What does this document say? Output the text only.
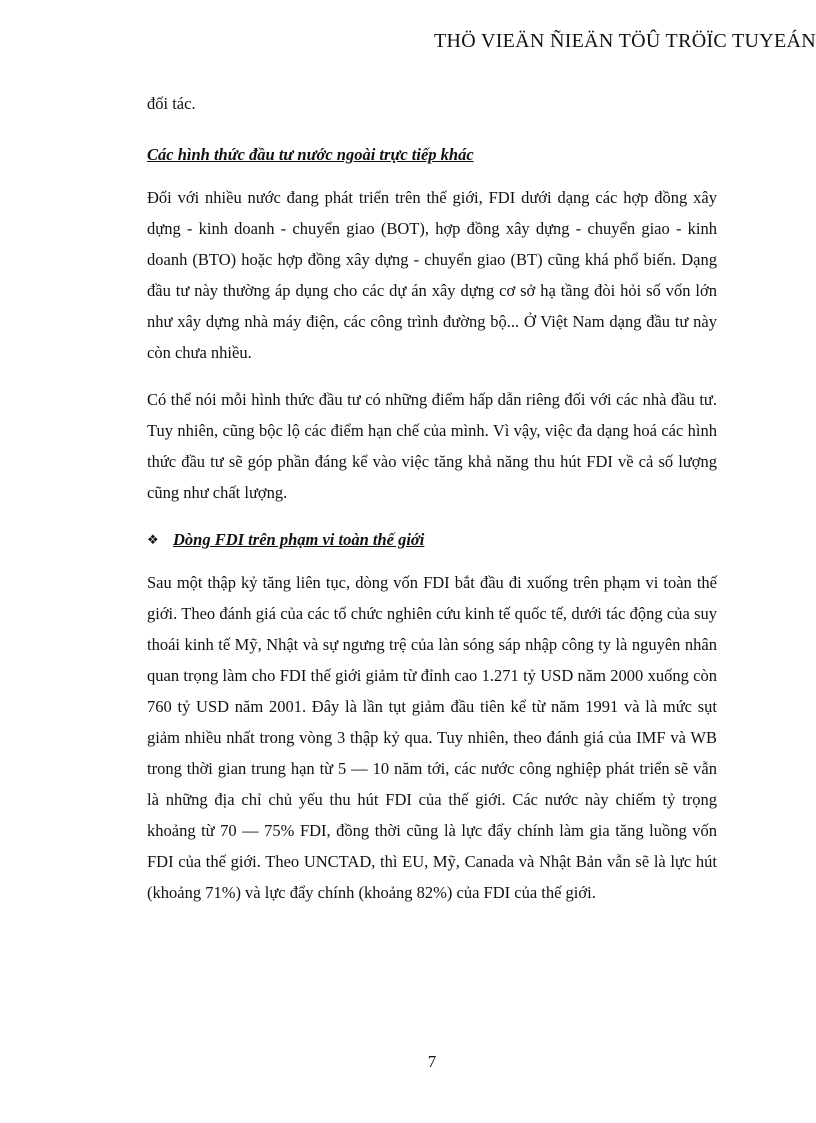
THÖ VIEÄN ÑIEÄN TÖÛ TRÖÏC TUYEÁN

đối tác.

Các hình thức đầu tư nước ngoài trực tiếp khác

Đối với nhiều nước đang phát triển trên thế giới, FDI dưới dạng các hợp đồng xây dựng - kinh doanh - chuyển giao (BOT), hợp đồng xây dựng - chuyển giao - kinh doanh (BTO) hoặc hợp đồng xây dựng - chuyển giao (BT) cũng khá phổ biến. Dạng đầu tư này thường áp dụng cho các dự án xây dựng cơ sở hạ tầng đòi hỏi số vốn lớn như xây dựng nhà máy điện, các công trình đường bộ... Ở Việt Nam dạng đầu tư này còn chưa nhiều.

Có thể nói mỗi hình thức đầu tư có những điểm hấp dẫn riêng đối với các nhà đầu tư. Tuy nhiên, cũng bộc lộ các điểm hạn chế của mình. Vì vậy, việc đa dạng hoá các hình thức đầu tư sẽ góp phần đáng kể vào việc tăng khả năng thu hút FDI về cả số lượng cũng như chất lượng.

❖ Dòng FDI trên phạm vi toàn thế giới

Sau một thập kỷ tăng liên tục, dòng vốn FDI bắt đầu đi xuống trên phạm vi toàn thế giới. Theo đánh giá của các tổ chức nghiên cứu kinh tế quốc tế, dưới tác động của suy thoái kinh tế Mỹ, Nhật và sự ngưng trệ của làn sóng sáp nhập công ty là nguyên nhân quan trọng làm cho FDI thế giới giảm từ đỉnh cao 1.271 tỷ USD năm 2000 xuống còn 760 tỷ USD năm 2001. Đây là lần tụt giảm đầu tiên kể từ năm 1991 và là mức sụt giảm nhiều nhất trong vòng 3 thập kỷ qua. Tuy nhiên, theo đánh giá của IMF và WB trong thời gian trung hạn từ 5 — 10 năm tới, các nước công nghiệp phát triển sẽ vẫn là những địa chỉ chủ yếu thu hút FDI của thế giới. Các nước này chiếm tỷ trọng khoảng từ 70 — 75% FDI, đồng thời cũng là lực đẩy chính làm gia tăng luồng vốn FDI của thế giới. Theo UNCTAD, thì EU, Mỹ, Canada và Nhật Bản vẫn sẽ là lực hút (khoảng 71%) và lực đẩy chính (khoảng 82%) của FDI của thế giới.

7
